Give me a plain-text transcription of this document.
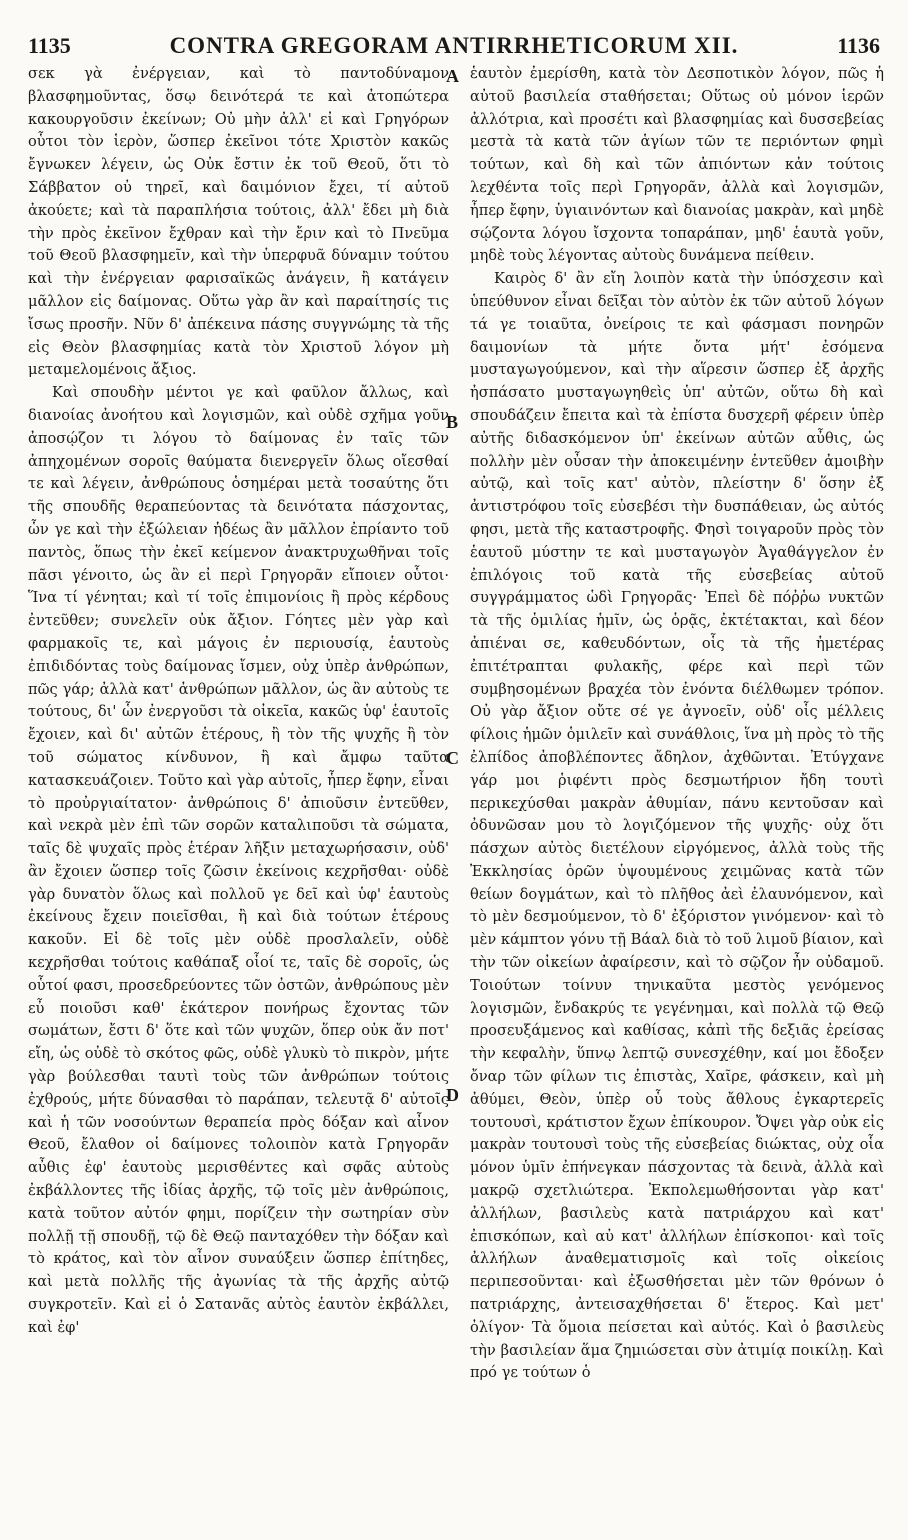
1135	CONTRA GREGORAM ANTIRRHETICORUM XII.	1136

σεκ γὰ ἐνέργειαν, καὶ τὸ παντοδύναμον βλασφημοῦντας, ὅσῳ δεινότερά τε καὶ ἀτοπώτερα κακουργοῦσιν ἐκείνων; Οὐ μὴν ἀλλ' εἰ καὶ Γρηγόρων οὗτοι τὸν ἱερὸν, ὥσπερ ἐκεῖνοι τότε Χριστὸν κακῶς ἔγνωκεν λέγειν, ὡς Οὐκ ἔστιν ἐκ τοῦ Θεοῦ, ὅτι τὸ Σάββατον οὐ τηρεῖ, καὶ δαιμόνιον ἔχει, τί αὐτοῦ ἀκούετε; καὶ τὰ παραπλήσια τούτοις, ἀλλ' ἔδει μὴ διὰ τὴν πρὸς ἐκεῖνον ἔχθραν καὶ τὴν ἔριν καὶ τὸ Πνεῦμα τοῦ Θεοῦ βλασφημεῖν, καὶ τὴν ὑπερφυᾶ δύναμιν τούτου καὶ τὴν ἐνέργειαν φαρισαϊκῶς ἀνάγειν, ἢ κατάγειν μᾶλλον εἰς δαίμονας. Οὕτω γὰρ ἂν καὶ παραίτησίς τις ἴσως προσῆν. Νῦν δ' ἀπέκεινα πάσης συγγνώμης τὰ τῆς εἰς Θεὸν βλασφημίας κατὰ τὸν Χριστοῦ λόγον μὴ μεταμελομένοις ἄξιος.

Καὶ σπουδὴν μέντοι γε καὶ φαῦλον ἄλλως, καὶ διανοίας ἀνοήτου καὶ λογισμῶν, καὶ οὐδὲ σχῆμα γοῦν ἀποσῴζον τι λόγου τὸ δαίμονας ἐν ταῖς τῶν ἀπηχομένων σοροῖς θαύματα διενεργεῖν ὅλως οἴεσθαί τε καὶ λέγειν, ἀνθρώπους ὁσημέραι μετὰ τοσαύτης ὅτι τῆς σπουδῆς θεραπεύοντας τὰ δεινότατα πάσχοντας, ὧν γε καὶ τὴν ἐξώλειαν ἡδέως ἂν μᾶλλον ἐπρίαντο τοῦ παντὸς, ὅπως τὴν ἐκεῖ κείμενον ἀνακτρυχωθῆναι τοῖς πᾶσι γένοιτο, ὡς ἂν εἰ περὶ Γρηγορᾶν εἴποιεν οὗτοι· Ἵνα τί γένηται; καὶ τί τοῖς ἐπιμονίοις ἢ πρὸς κέρδους ἐντεῦθεν; συνελεῖν οὐκ ἄξιον. Γόητες μὲν γὰρ καὶ φαρμακοῖς τε, καὶ μάγοις ἐν περιουσίᾳ, ἑαυτοὺς ἐπιδιδόντας τοὺς δαίμονας ἴσμεν, οὐχ ὑπὲρ ἀνθρώπων, πῶς γάρ; ἀλλὰ κατ' ἀνθρώπων μᾶλλον, ὡς ἂν αὐτοὺς τε τούτους, δι' ὧν ἐνεργοῦσι τὰ οἰκεῖα, κακῶς ὑφ' ἑαυτοῖς ἔχοιεν, καὶ δι' αὐτῶν ἑτέρους, ἢ τὸν τῆς ψυχῆς ἢ τὸν τοῦ σώματος κίνδυνον, ἢ καὶ ἄμφω ταῦτα κατασκευάζοιεν. Τοῦτο καὶ γὰρ αὐτοῖς, ἧπερ ἔφην, εἶναι τὸ προὐργιαίτατον· ἀνθρώποις δ' ἀπιοῦσιν ἐντεῦθεν, καὶ νεκρὰ μὲν ἐπὶ τῶν σορῶν καταλιποῦσι τὰ σώματα, ταῖς δὲ ψυχαῖς πρὸς ἑτέραν λῆξιν μεταχωρήσασιν, οὐδ' ἂν ἔχοιεν ὥσπερ τοῖς ζῶσιν ἐκείνοις κεχρῆσθαι· οὐδὲ γὰρ δυνατὸν ὅλως καὶ πολλοῦ γε δεῖ καὶ ὑφ' ἑαυτοὺς ἐκείνους ἔχειν ποιεῖσθαι, ἢ καὶ διὰ τούτων ἑτέρους κακοῦν. Εἰ δὲ τοῖς μὲν οὐδὲ προσλαλεῖν, οὐδὲ κεχρῆσθαι τούτοις καθάπαξ οἷοί τε, ταῖς δὲ σοροῖς, ὡς οὗτοί φασι, προσεδρεύοντες τῶν ὀστῶν, ἀνθρώπους μὲν εὖ ποιοῦσι καθ' ἑκάτερον πονήρως ἔχοντας τῶν σωμάτων, ἔστι δ' ὅτε καὶ τῶν ψυχῶν, ὅπερ οὐκ ἄν ποτ' εἴη, ὡς οὐδὲ τὸ σκότος φῶς, οὐδὲ γλυκὺ τὸ πικρὸν, μήτε γὰρ βούλεσθαι ταυτὶ τοὺς τῶν ἀνθρώπων τούτοις ἐχθρούς, μήτε δύνασθαι τὸ παράπαν, τελευτᾷ δ' αὐτοῖς καὶ ἡ τῶν νοσούντων θεραπεία πρὸς δόξαν καὶ αἶνον Θεοῦ, ἔλαθον οἱ δαίμονες τολοιπὸν κατὰ Γρηγορᾶν αὖθις ἐφ' ἑαυτοὺς μερισθέντες καὶ σφᾶς αὐτοὺς ἐκβάλλοντες τῆς ἰδίας ἀρχῆς, τῷ τοῖς μὲν ἀνθρώποις, κατὰ τοῦτον αὐτόν φημι, πορίζειν τὴν σωτηρίαν σὺν πολλῇ τῇ σπουδῇ, τῷ δὲ Θεῷ πανταχόθεν τὴν δόξαν καὶ τὸ κράτος, καὶ τὸν αἶνον συναύξειν ὥσπερ ἐπίτηδες, καὶ μετὰ πολλῆς τῆς ἀγωνίας τὰ τῆς ἀρχῆς αὐτῷ συγκροτεῖν. Καὶ εἰ ὁ Σατανᾶς αὐτὸς ἑαυτὸν ἐκβάλλει, καὶ ἐφ'

A
B
C
D

ἑαυτὸν ἐμερίσθη, κατὰ τὸν Δεσποτικὸν λόγον, πῶς ἡ αὐτοῦ βασιλεία σταθήσεται; Οὕτως οὐ μόνον ἱερῶν ἀλλότρια, καὶ προσέτι καὶ βλασφημίας καὶ δυσσεβείας μεστὰ τὰ κατὰ τῶν ἁγίων τῶν τε περιόντων φημὶ τούτων, καὶ δὴ καὶ τῶν ἀπιόντων κἀν τούτοις λεχθέντα τοῖς περὶ Γρηγορᾶν, ἀλλὰ καὶ λογισμῶν, ἧπερ ἔφην, ὑγιαινόντων καὶ διανοίας μακρὰν, καὶ μηδὲ σῴζοντα λόγου ἴσχοντα τοπαράπαν, μηδ' ἑαυτὰ γοῦν, μηδὲ τοὺς λέγοντας αὐτοὺς δυνάμενα πείθειν.

Καιρὸς δ' ἂν εἴη λοιπὸν κατὰ τὴν ὑπόσχεσιν καὶ ὑπεύθυνον εἶναι δεῖξαι τὸν αὐτὸν ἐκ τῶν αὐτοῦ λόγων τά γε τοιαῦτα, ὀνείροις τε καὶ φάσμασι πονηρῶν δαιμονίων τὰ μήτε ὄντα μήτ' ἐσόμενα μυσταγωγούμενον, καὶ τὴν αἵρεσιν ὥσπερ ἐξ ἀρχῆς ἠσπάσατο μυσταγωγηθεὶς ὑπ' αὐτῶν, οὕτω δὴ καὶ σπουδάζειν ἔπειτα καὶ τὰ ἐπίστα δυσχερῆ φέρειν ὑπὲρ αὐτῆς διδασκόμενον ὑπ' ἐκείνων αὐτῶν αὖθις, ὡς πολλὴν μὲν οὖσαν τὴν ἀποκειμένην ἐντεῦθεν ἀμοιβὴν αὐτῷ, καὶ τοῖς κατ' αὐτὸν, πλείστην δ' ὅσην ἐξ ἀντιστρόφου τοῖς εὐσεβέσι τὴν δυσπάθειαν, ὡς αὐτός φησι, μετὰ τῆς καταστροφῆς. Φησὶ τοιγαροῦν πρὸς τὸν ἑαυτοῦ μύστην τε καὶ μυσταγωγὸν Ἀγαθάγγελον ἐν ἐπιλόγοις τοῦ κατὰ τῆς εὐσεβείας αὐτοῦ συγγράμματος ὡδὶ Γρηγορᾶς· Ἐπεὶ δὲ πόῤῥω νυκτῶν τὰ τῆς ὁμιλίας ἡμῖν, ὡς ὁρᾷς, ἐκτέτακται, καὶ δέον ἀπιέναι σε, καθευδόντων, οἷς τὰ τῆς ἡμετέρας ἐπιτέτραπται φυλακῆς, φέρε καὶ περὶ τῶν συμβησομένων βραχέα τὸν ἐνόντα διέλθωμεν τρόπον. Οὐ γὰρ ἄξιον οὔτε σέ γε ἀγνοεῖν, οὐδ' οἷς μέλλεις φίλοις ἡμῶν ὁμιλεῖν καὶ συνάθλοις, ἵνα μὴ πρὸς τὸ τῆς ἐλπίδος ἀποβλέποντες ἄδηλον, ἀχθῶνται. Ἐτύγχανε γάρ μοι ῥιφέντι πρὸς δεσμωτήριον ἤδη τουτὶ περικεχύσθαι μακρὰν ἀθυμίαν, πάνυ κεντοῦσαν καὶ ὀδυνῶσαν μου τὸ λογιζόμενον τῆς ψυχῆς· οὐχ ὅτι πάσχων αὐτὸς διετέλουν εἰργόμενος, ἀλλὰ τοὺς τῆς Ἐκκλησίας ὁρῶν ὑψουμένους χειμῶνας κατὰ τῶν θείων δογμάτων, καὶ τὸ πλῆθος ἀεὶ ἐλαυνόμενον, καὶ τὸ μὲν δεσμούμενον, τὸ δ' ἐξόριστον γινόμενον· καὶ τὸ μὲν κάμπτον γόνυ τῇ Βάαλ διὰ τὸ τοῦ λιμοῦ βίαιον, καὶ τὴν τῶν οἰκείων ἀφαίρεσιν, καὶ τὸ σῷζον ἦν οὐδαμοῦ. Τοιούτων τοίνυν τηνικαῦτα μεστὸς γενόμενος λογισμῶν, ἔνδακρύς τε γεγένημαι, καὶ πολλὰ τῷ Θεῷ προσευξάμενος καὶ καθίσας, κἀπὶ τῆς δεξιᾶς ἐρείσας τὴν κεφαλὴν, ὕπνῳ λεπτῷ συνεσχέθην, καί μοι ἔδοξεν ὄναρ τῶν φίλων τις ἐπιστὰς, Χαῖρε, φάσκειν, καὶ μὴ ἀθύμει, Θεὸν, ὑπὲρ οὗ τοὺς ἄθλους ἐγκαρτερεῖς τουτουσὶ, κράτιστον ἔχων ἐπίκουρον. Ὄψει γὰρ οὐκ εἰς μακρὰν τουτουσὶ τοὺς τῆς εὐσεβείας διώκτας, οὐχ οἷα μόνον ὑμῖν ἐπήνεγκαν πάσχοντας τὰ δεινὰ, ἀλλὰ καὶ μακρῷ σχετλιώτερα. Ἐκπολεμωθήσονται γὰρ κατ' ἀλλήλων, βασιλεὺς κατὰ πατριάρχου καὶ κατ' ἐπισκόπων, καὶ αὐ κατ' ἀλλήλων ἐπίσκοποι· καὶ τοῖς ἀλλήλων ἀναθεματισμοῖς καὶ τοῖς οἰκείοις περιπεσοῦνται· καὶ ἐξωσθήσεται μὲν τῶν θρόνων ὁ πατριάρχης, ἀντεισαχθήσεται δ' ἕτερος. Καὶ μετ' ὀλίγον· Τὰ ὅμοια πείσεται καὶ αὐτός. Καὶ ὁ βασιλεὺς τὴν βασιλείαν ἅμα ζημιώσεται σὺν ἀτιμίᾳ ποικίλῃ. Καὶ πρό γε τούτων ὁ
